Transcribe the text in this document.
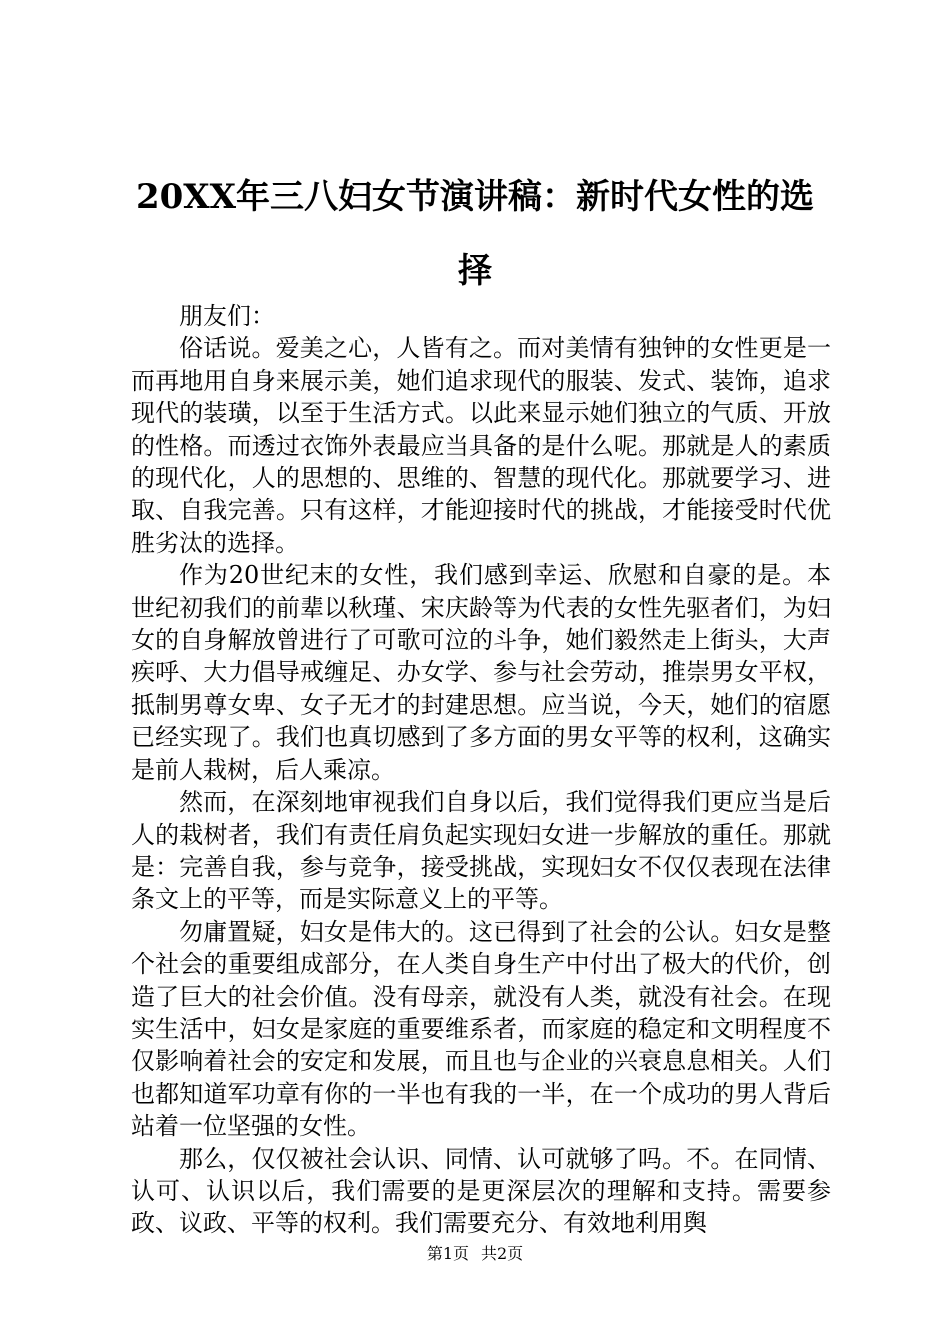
20XX年三八妇女节演讲稿：新时代女性的选择

朋友们：

俗话说。爱美之心，人皆有之。而对美情有独钟的女性更是一而再地用自身来展示美，她们追求现代的服装、发式、装饰，追求现代的装璜，以至于生活方式。以此来显示她们独立的气质、开放的性格。而透过衣饰外表最应当具备的是什么呢。那就是人的素质的现代化，人的思想的、思维的、智慧的现代化。那就要学习、进取、自我完善。只有这样，才能迎接时代的挑战，才能接受时代优胜劣汰的选择。

作为20世纪末的女性，我们感到幸运、欣慰和自豪的是。本世纪初我们的前辈以秋瑾、宋庆龄等为代表的女性先驱者们，为妇女的自身解放曾进行了可歌可泣的斗争，她们毅然走上街头，大声疾呼、大力倡导戒缠足、办女学、参与社会劳动，推崇男女平权，抵制男尊女卑、女子无才的封建思想。应当说，今天，她们的宿愿已经实现了。我们也真切感到了多方面的男女平等的权利，这确实是前人栽树，后人乘凉。

然而，在深刻地审视我们自身以后，我们觉得我们更应当是后人的栽树者，我们有责任肩负起实现妇女进一步解放的重任。那就是：完善自我，参与竞争，接受挑战，实现妇女不仅仅表现在法律条文上的平等，而是实际意义上的平等。

勿庸置疑，妇女是伟大的。这已得到了社会的公认。妇女是整个社会的重要组成部分，在人类自身生产中付出了极大的代价，创造了巨大的社会价值。没有母亲，就没有人类，就没有社会。在现实生活中，妇女是家庭的重要维系者，而家庭的稳定和文明程度不仅影响着社会的安定和发展，而且也与企业的兴衰息息相关。人们也都知道军功章有你的一半也有我的一半，在一个成功的男人背后站着一位坚强的女性。

那么，仅仅被社会认识、同情、认可就够了吗。不。在同情、认可、认识以后，我们需要的是更深层次的理解和支持。需要参政、议政、平等的权利。我们需要充分、有效地利用舆

第1页 共2页
